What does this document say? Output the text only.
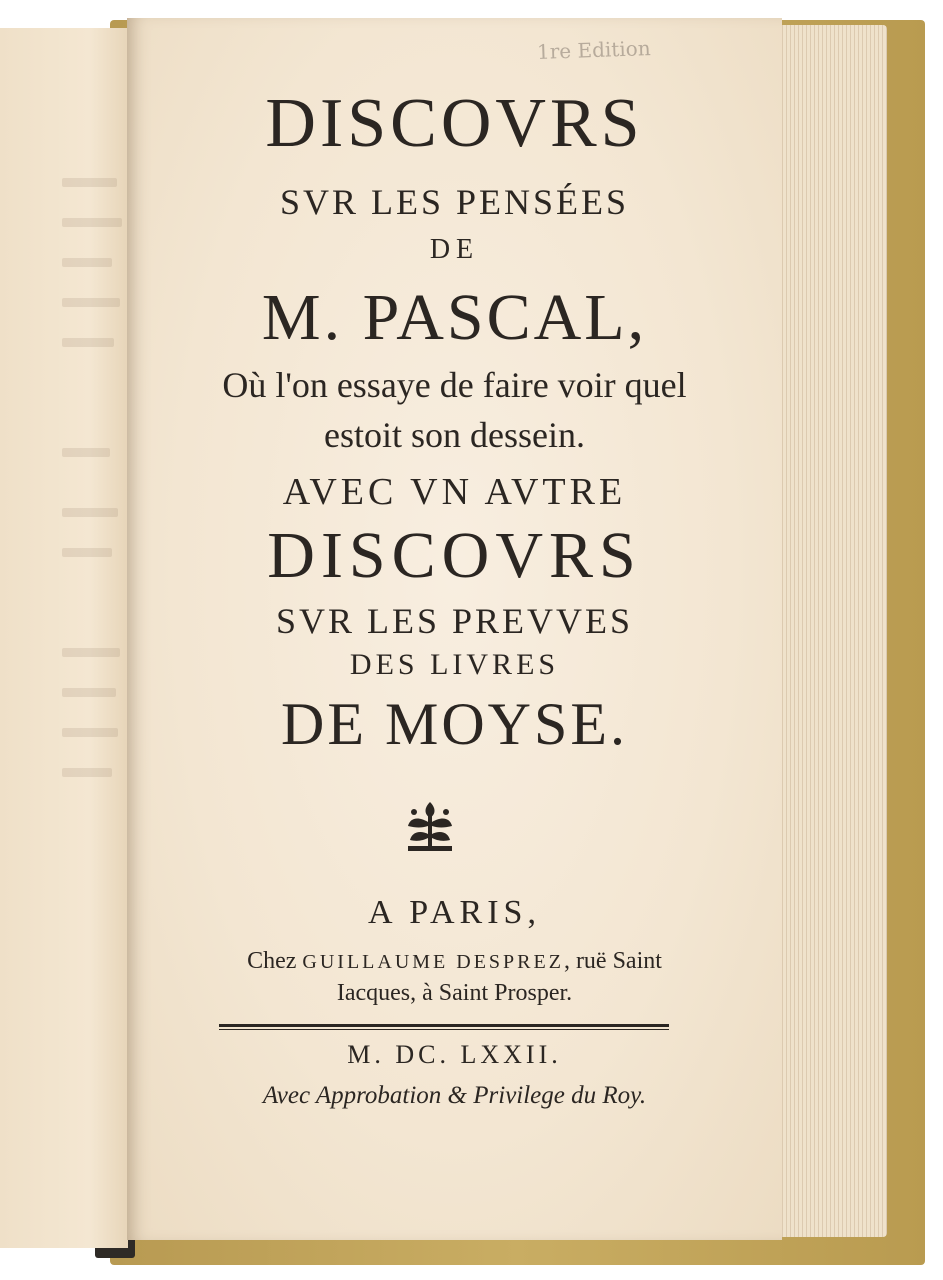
1re Edition
DISCOVRS
SVR LES PENSÉES
DE
M. PASCAL,
Où l'on essaye de faire voir quel
estoit son dessein.
AVEC VN AVTRE
DISCOVRS
SVR LES PREVVES
DES LIVRES
DE MOYSE.
A PARIS,
Chez GUILLAUME DESPREZ, ruë Saint
Iacques, à Saint Prosper.
M. DC. LXXII.
Avec Approbation & Privilege du Roy.
